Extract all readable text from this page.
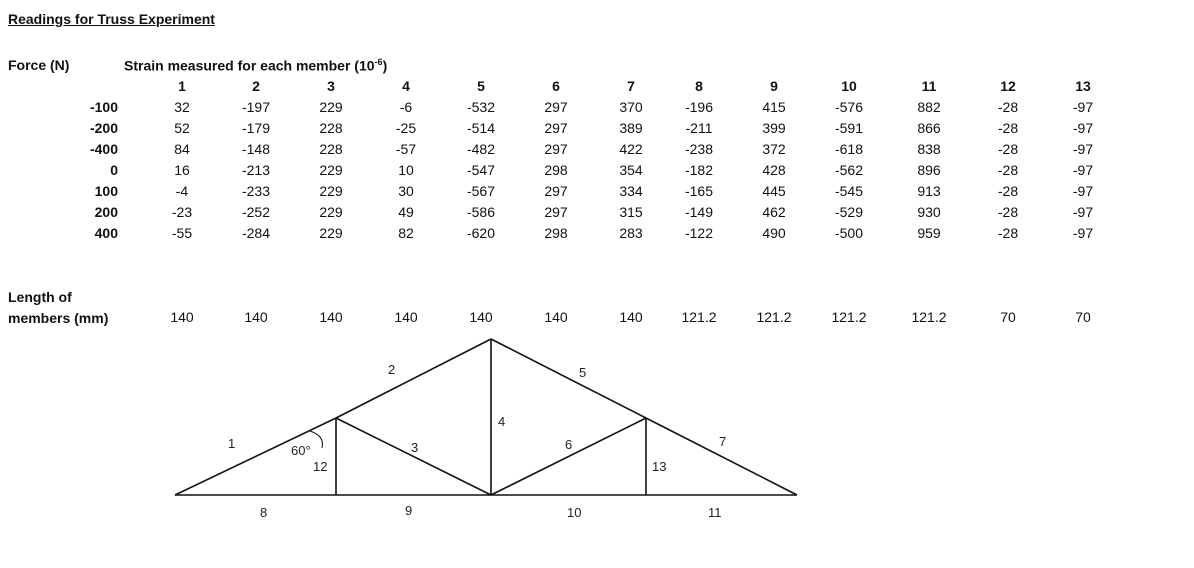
Readings for Truss Experiment
Force (N)	Strain measured for each member $(10^{-6})$
1	2	3	4	5	6	7	8	9	10	11	12	13
-100	32	-197	229	-6	-532	297	370	-196	415	-576	882	-28	-97
-200	52	-179	228	-25	-514	297	389	-211	399	-591	866	-28	-97
-400	84	-148	228	-57	-482	297	422	-238	372	-618	838	-28	-97
0	16	-213	229	10	-547	298	354	-182	428	-562	896	-28	-97
100	-4	-233	229	30	-567	297	334	-165	445	-545	913	-28	-97
200	-23	-252	229	49	-586	297	315	-149	462	-529	930	-28	-97
400	-55	-284	229	82	-620	298	283	-122	490	-500	959	-28	-97
Length of
members (mm)	140	140	140	140	140	140	140	121.2	121.2	121.2	121.2	70	70
1
2
3
4
5
6	7
8	9	10	11
12	13
60°
